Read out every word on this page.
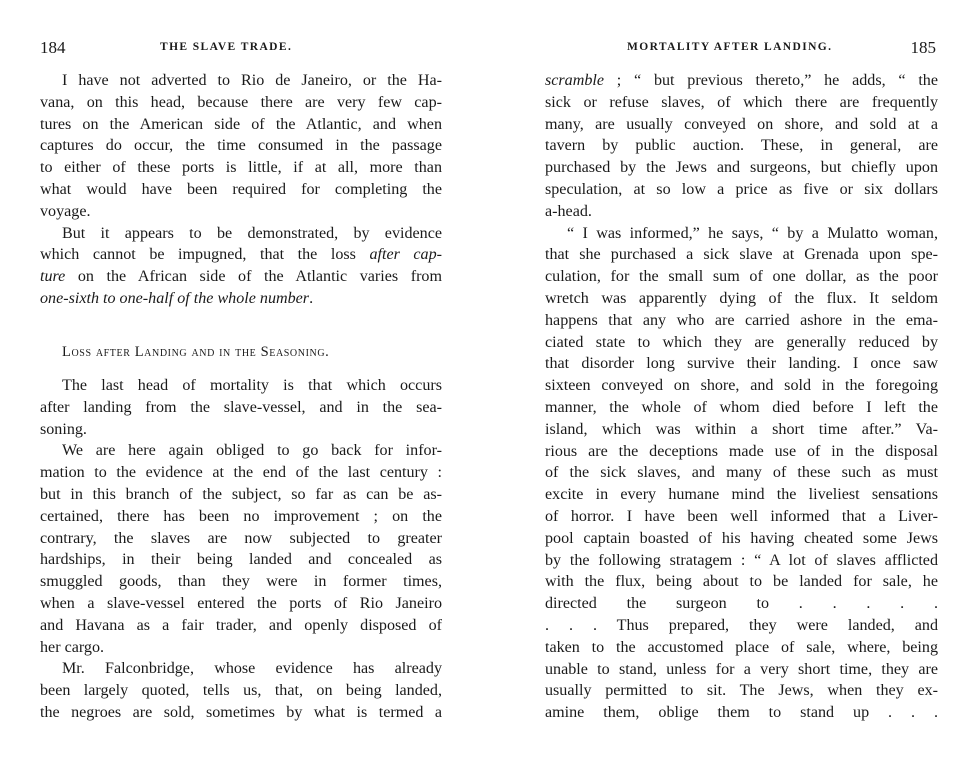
184	THE SLAVE TRADE.
I have not adverted to Rio de Janeiro, or the Ha-
vana, on this head, because there are very few cap-
tures on the American side of the Atlantic, and when
captures do occur, the time consumed in the passage
to either of these ports is little, if at all, more than
what would have been required for completing the
voyage.
But it appears to be demonstrated, by evidence
which cannot be impugned, that the loss after cap-
ture on the African side of the Atlantic varies from
one-sixth to one-half of the whole number.
Loss after Landing and in the Seasoning.
The last head of mortality is that which occurs
after landing from the slave-vessel, and in the sea-
soning.
We are here again obliged to go back for infor-
mation to the evidence at the end of the last century :
but in this branch of the subject, so far as can be as-
certained, there has been no improvement ; on the
contrary, the slaves are now subjected to greater
hardships, in their being landed and concealed as
smuggled goods, than they were in former times,
when a slave-vessel entered the ports of Rio Janeiro
and Havana as a fair trader, and openly disposed of
her cargo.
Mr. Falconbridge, whose evidence has already
been largely quoted, tells us, that, on being landed,
the negroes are sold, sometimes by what is termed a
MORTALITY AFTER LANDING.	185
scramble ; “ but previous thereto,” he adds, “ the
sick or refuse slaves, of which there are frequently
many, are usually conveyed on shore, and sold at a
tavern by public auction. These, in general, are
purchased by the Jews and surgeons, but chiefly upon
speculation, at so low a price as five or six dollars
a-head.
“ I was informed,” he says, “ by a Mulatto woman,
that she purchased a sick slave at Grenada upon spe-
culation, for the small sum of one dollar, as the poor
wretch was apparently dying of the flux. It seldom
happens that any who are carried ashore in the ema-
ciated state to which they are generally reduced by
that disorder long survive their landing. I once saw
sixteen conveyed on shore, and sold in the foregoing
manner, the whole of whom died before I left the
island, which was within a short time after.” Va-
rious are the deceptions made use of in the disposal
of the sick slaves, and many of these such as must
excite in every humane mind the liveliest sensations
of horror. I have been well informed that a Liver-
pool captain boasted of his having cheated some Jews
by the following stratagem : “ A lot of slaves afflicted
with the flux, being about to be landed for sale, he
directed the surgeon to . . . . .
. . . Thus prepared, they were landed, and
taken to the accustomed place of sale, where, being
unable to stand, unless for a very short time, they are
usually permitted to sit. The Jews, when they ex-
amine them, oblige them to stand up . . .
